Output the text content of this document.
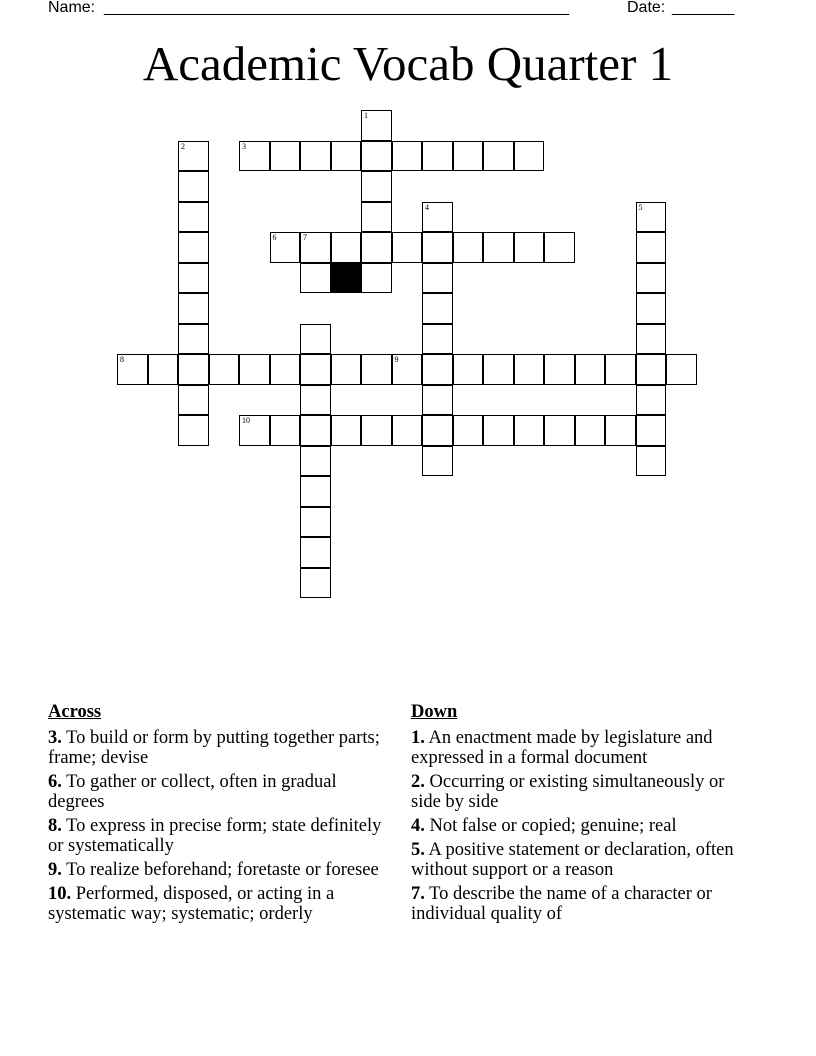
Name: _______________________________________________________	Date: _______
Academic Vocab Quarter 1
8
2	3
1
6	7
4	5
9
10
Across
3. To build or form by putting together parts; frame; devise
6. To gather or collect, often in gradual degrees
8. To express in precise form; state definitely or systematically
9. To realize beforehand; foretaste or foresee
10. Performed, disposed, or acting in a systematic way; systematic; orderly
Down
1. An enactment made by legislature and expressed in a formal document
2. Occurring or existing simultaneously or side by side
4. Not false or copied; genuine; real
5. A positive statement or declaration, often without support or a reason
7. To describe the name of a character or individual quality of
